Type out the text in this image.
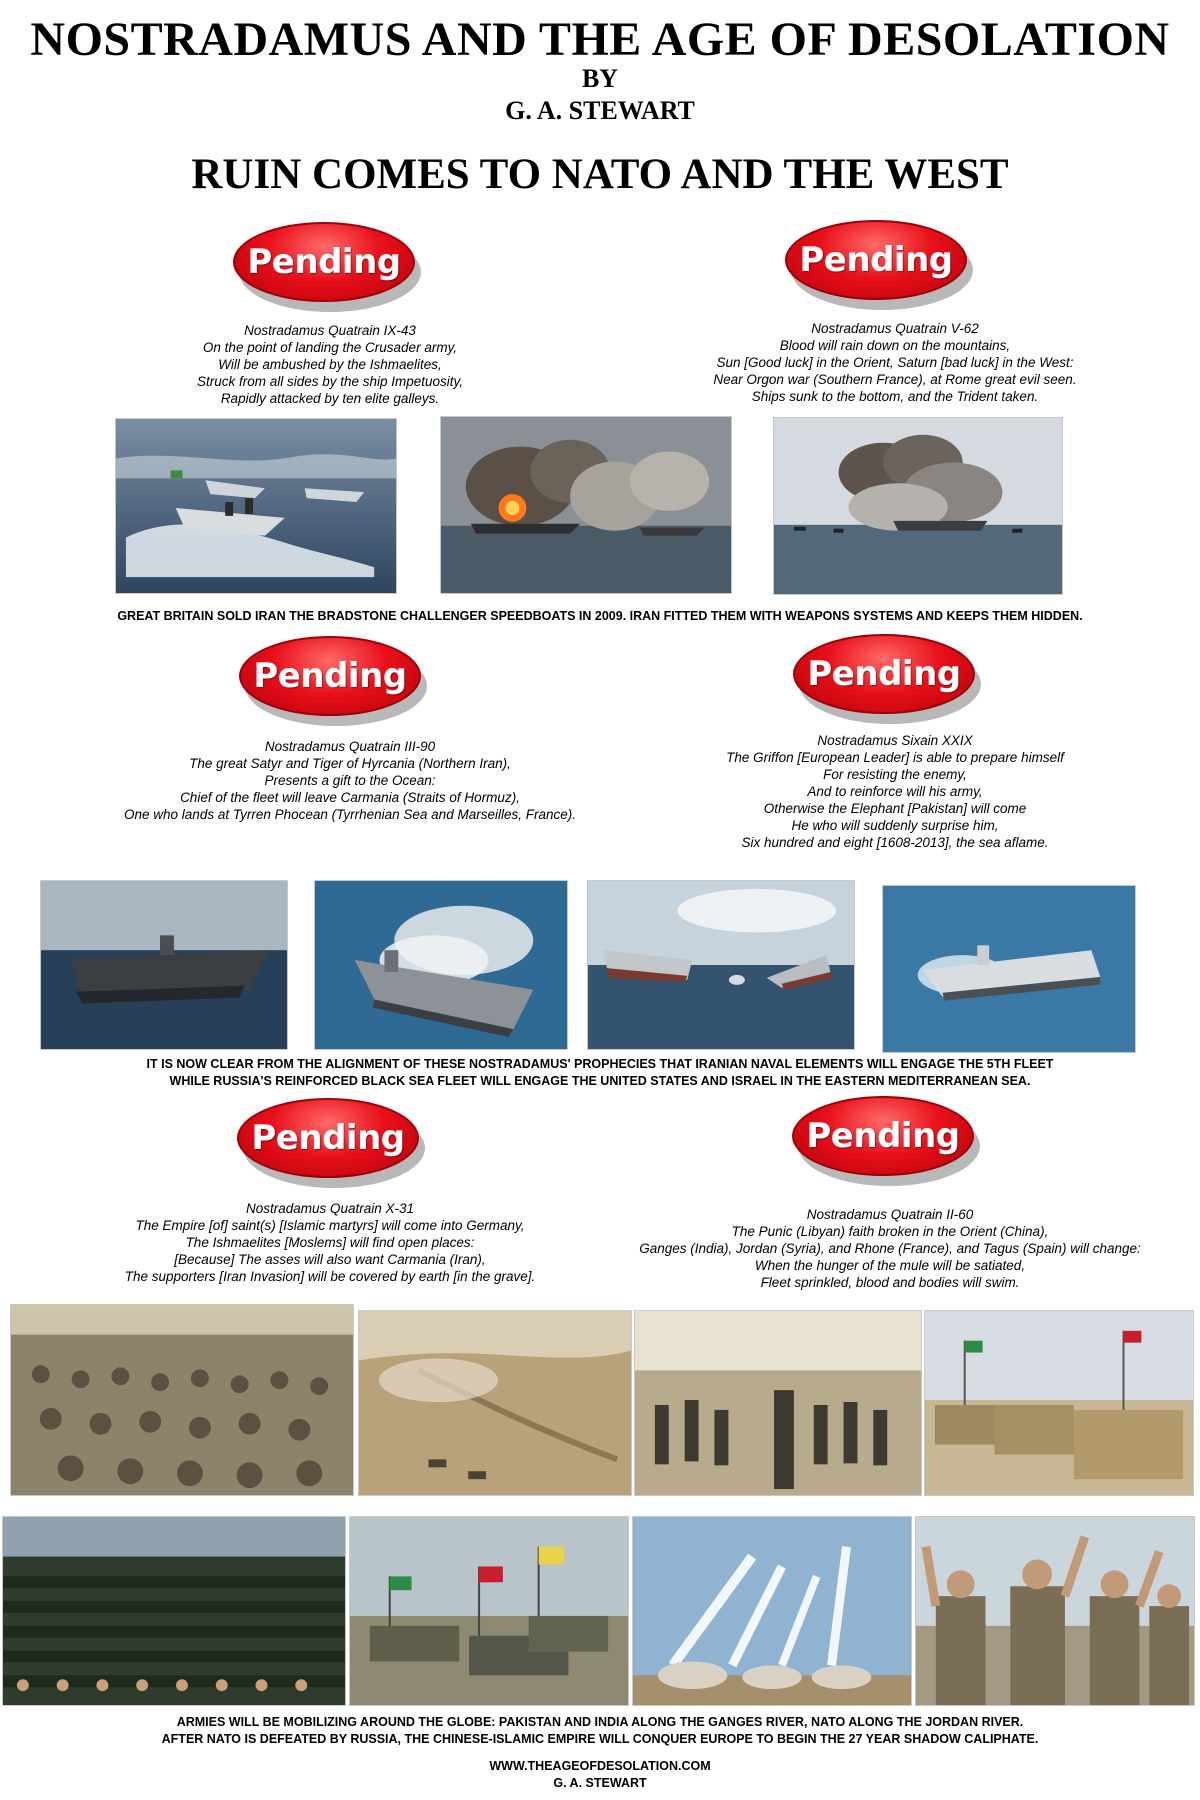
NOSTRADAMUS AND THE AGE OF DESOLATION
BY
G. A. STEWART
RUIN COMES TO NATO AND THE WEST
Pending	Pending
Nostradamus Quatrain IX-43
On the point of landing the Crusader army,
Will be ambushed by the Ishmaelites,
Struck from all sides by the ship Impetuosity,
Rapidly attacked by ten elite galleys.
Nostradamus Quatrain V-62
Blood will rain down on the mountains,
Sun [Good luck] in the Orient, Saturn [bad luck] in the West:
Near Orgon war (Southern France), at Rome great evil seen.
Ships sunk to the bottom, and the Trident taken.
GREAT BRITAIN SOLD IRAN THE BRADSTONE CHALLENGER SPEEDBOATS IN 2009. IRAN FITTED THEM WITH WEAPONS SYSTEMS AND KEEPS THEM HIDDEN.
Pending	Pending
Nostradamus Quatrain III-90
The great Satyr and Tiger of Hyrcania (Northern Iran),
Presents a gift to the Ocean:
Chief of the fleet will leave Carmania (Straits of Hormuz),
One who lands at Tyrren Phocean (Tyrrhenian Sea and Marseilles, France).
Nostradamus Sixain XXIX
The Griffon [European Leader] is able to prepare himself
For resisting the enemy,
And to reinforce will his army,
Otherwise the Elephant [Pakistan] will come
He who will suddenly surprise him,
Six hundred and eight [1608-2013], the sea aflame.
IT IS NOW CLEAR FROM THE ALIGNMENT OF THESE NOSTRADAMUS' PROPHECIES THAT IRANIAN NAVAL ELEMENTS WILL ENGAGE THE 5TH FLEET
WHILE RUSSIA'S REINFORCED BLACK SEA FLEET WILL ENGAGE THE UNITED STATES AND ISRAEL IN THE EASTERN MEDITERRANEAN SEA.
Pending	Pending
Nostradamus Quatrain X-31
The Empire [of] saint(s) [Islamic martyrs] will come into Germany,
The Ishmaelites [Moslems] will find open places:
[Because] The asses will also want Carmania (Iran),
The supporters [Iran Invasion] will be covered by earth [in the grave].
Nostradamus Quatrain II-60
The Punic (Libyan) faith broken in the Orient (China),
Ganges (India), Jordan (Syria), and Rhone (France), and Tagus (Spain) will change:
When the hunger of the mule will be satiated,
Fleet sprinkled, blood and bodies will swim.
ARMIES WILL BE MOBILIZING AROUND THE GLOBE: PAKISTAN AND INDIA ALONG THE GANGES RIVER, NATO ALONG THE JORDAN RIVER.
AFTER NATO IS DEFEATED BY RUSSIA, THE CHINESE-ISLAMIC EMPIRE WILL CONQUER EUROPE TO BEGIN THE 27 YEAR SHADOW CALIPHATE.
WWW.THEAGEOFDESOLATION.COM
G. A. STEWART
